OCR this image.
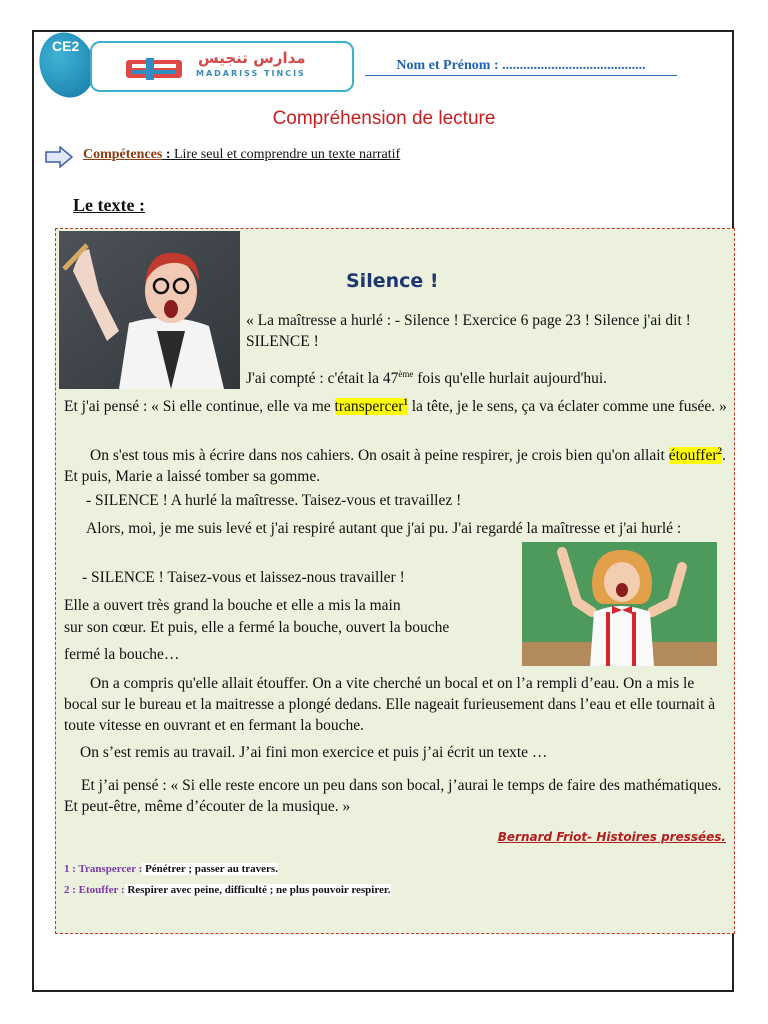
CE2
مدارس تنجيس
MADARISS TINCIS
Nom et Prénom : .........................................
Compréhension de lecture
Compétences : Lire seul et comprendre un texte narratif
Le texte :
Silence !

« La maîtresse a hurlé : - Silence ! Exercice 6 page 23 ! Silence j'ai dit ! SILENCE !

J'ai compté : c'était la 47ème fois qu'elle hurlait aujourd'hui.

Et j'ai pensé : « Si elle continue, elle va me transpercer$^1$ la tête, je le sens, ça va éclater comme une fusée. »

On s'est tous mis à écrire dans nos cahiers. On osait à peine respirer, je crois bien qu'on allait étouffer$^2$. Et puis, Marie a laissé tomber sa gomme.

- SILENCE ! A hurlé la maîtresse. Taisez-vous et travaillez !

Alors, moi, je me suis levé et j'ai respiré autant que j'ai pu. J'ai regardé la maîtresse et j'ai hurlé :

- SILENCE ! Taisez-vous et laissez-nous travailler !

Elle a ouvert très grand la bouche et elle a mis la main

sur son cœur. Et puis, elle a fermé la bouche, ouvert la bouche

fermé la bouche…

On a compris qu'elle allait étouffer. On a vite cherché un bocal et on l’a rempli d’eau. On a mis le bocal sur le bureau et la maitresse a plongé dedans. Elle nageait furieusement dans l’eau et elle tournait à toute vitesse en ouvrant et en fermant la bouche.

On s’est remis au travail. J’ai fini mon exercice et puis j’ai écrit un texte …

Et j’ai pensé : « Si elle reste encore un peu dans son bocal, j’aurai le temps de faire des mathématiques. Et peut-être, même d’écouter de la musique. »

Bernard Friot- Histoires pressées.
1 : Transpercer : Pénétrer ; passer au travers.
2 : Etouffer : Respirer avec peine, difficulté ; ne plus pouvoir respirer.
